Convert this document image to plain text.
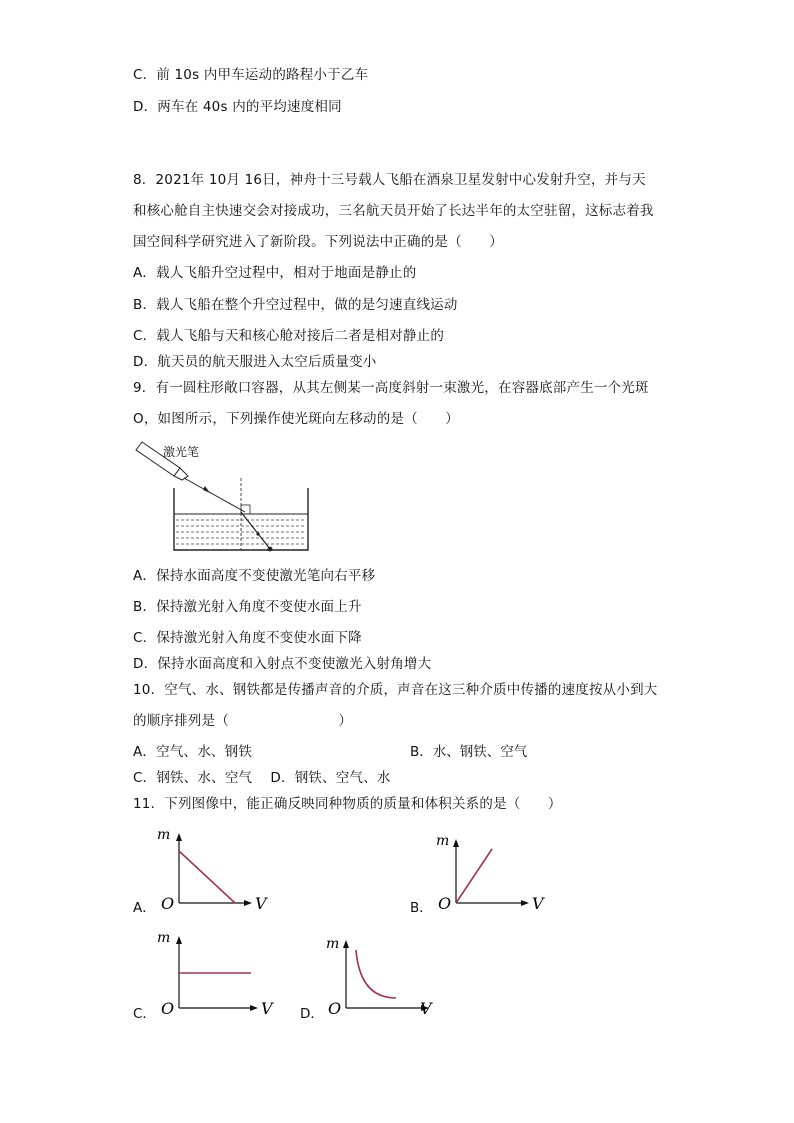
C．前 10s 内甲车运动的路程小于乙车
D．两车在 40s 内的平均速度相同
8．2021年 10月 16日，神舟十三号载人飞船在酒泉卫星发射中心发射升空，并与天
和核心舱自主快速交会对接成功，三名航天员开始了长达半年的太空驻留，这标志着我
国空间科学研究进入了新阶段。下列说法中正确的是（　　）
A．载人飞船升空过程中，相对于地面是静止的
B．载人飞船在整个升空过程中，做的是匀速直线运动
C．载人飞船与天和核心舱对接后二者是相对静止的
D．航天员的航天服进入太空后质量变小
9．有一圆柱形敞口容器，从其左侧某一高度斜射一束激光，在容器底部产生一个光斑
O，如图所示，下列操作使光斑向左移动的是（　　）
激光笔
A．保持水面高度不变使激光笔向右平移
B．保持激光射入角度不变使水面上升
C．保持激光射入角度不变使水面下降
D．保持水面高度和入射点不变使激光入射角增大
10．空气、水、钢铁都是传播声音的介质，声音在这三种介质中传播的速度按从小到大
的顺序排列是（　　　　　　　　）
A．空气、水、钢铁	B．水、钢铁、空气
C．钢铁、水、空气　 D．钢铁、空气、水
11．下列图像中，能正确反映同种物质的质量和体积关系的是（　　）
A．
m
O	V	B．
m
O	V
C．
m
O	V D．
m
O	V
